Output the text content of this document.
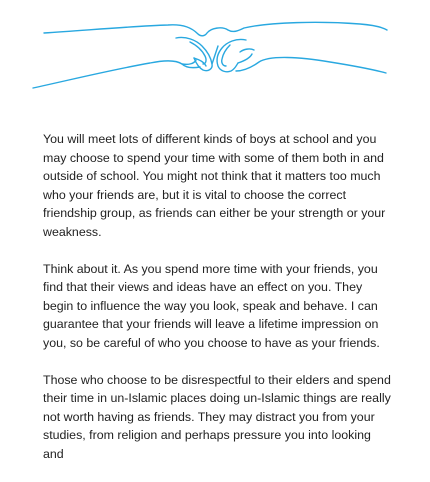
You will meet lots of different kinds of boys at school and you may choose to spend your time with some of them both in and outside of school. You might not think that it matters too much who your friends are, but it is vital to choose the correct friendship group, as friends can either be your strength or your weakness.

Think about it. As you spend more time with your friends, you find that their views and ideas have an effect on you. They begin to influence the way you look, speak and behave. I can guarantee that your friends will leave a lifetime impression on you, so be careful of who you choose to have as your friends.

Those who choose to be disrespectful to their elders and spend their time in un-Islamic places doing un-Islamic things are really not worth having as friends. They may distract you from your studies, from religion and perhaps pressure you into looking and
